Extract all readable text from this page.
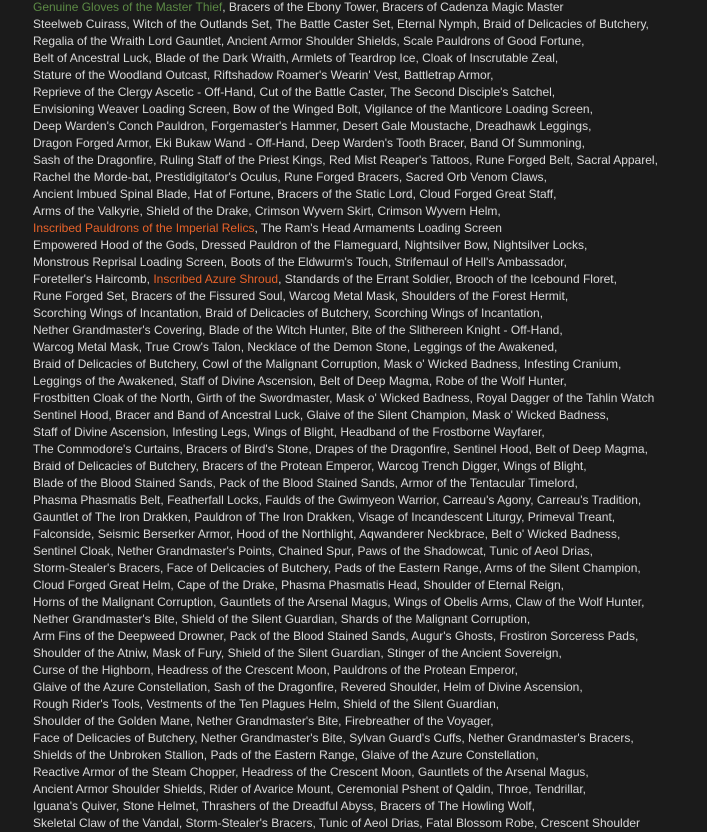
Genuine Gloves of the Master Thief, Bracers of the Ebony Tower, Bracers of Cadenza Magic Master
Steelweb Cuirass, Witch of the Outlands Set, The Battle Caster Set, Eternal Nymph, Braid of Delicacies of Butchery,
Regalia of the Wraith Lord Gauntlet, Ancient Armor Shoulder Shields, Scale Pauldrons of Good Fortune,
Belt of Ancestral Luck, Blade of the Dark Wraith, Armlets of Teardrop Ice, Cloak of Inscrutable Zeal,
Stature of the Woodland Outcast, Riftshadow Roamer's Wearin' Vest, Battletrap Armor,
Reprieve of the Clergy Ascetic - Off-Hand, Cut of the Battle Caster, The Second Disciple's Satchel,
Envisioning Weaver Loading Screen, Bow of the Winged Bolt, Vigilance of the Manticore Loading Screen,
Deep Warden's Conch Pauldron, Forgemaster's Hammer, Desert Gale Moustache, Dreadhawk Leggings,
Dragon Forged Armor, Eki Bukaw Wand - Off-Hand, Deep Warden's Tooth Bracer, Band Of Summoning,
Sash of the Dragonfire, Ruling Staff of the Priest Kings, Red Mist Reaper's Tattoos, Rune Forged Belt, Sacral Apparel,
Rachel the Morde-bat, Prestidigitator's Oculus, Rune Forged Bracers, Sacred Orb Venom Claws,
Ancient Imbued Spinal Blade, Hat of Fortune, Bracers of the Static Lord, Cloud Forged Great Staff,
Arms of the Valkyrie, Shield of the Drake, Crimson Wyvern Skirt, Crimson Wyvern Helm,
Inscribed Pauldrons of the Imperial Relics, The Ram's Head Armaments Loading Screen
Empowered Hood of the Gods, Dressed Pauldron of the Flameguard, Nightsilver Bow, Nightsilver Locks,
Monstrous Reprisal Loading Screen, Boots of the Eldwurm's Touch, Strifemaul of Hell's Ambassador,
Foreteller's Haircomb, Inscribed Azure Shroud, Standards of the Errant Soldier, Brooch of the Icebound Floret,
Rune Forged Set, Bracers of the Fissured Soul, Warcog Metal Mask, Shoulders of the Forest Hermit,
Scorching Wings of Incantation, Braid of Delicacies of Butchery, Scorching Wings of Incantation,
Nether Grandmaster's Covering, Blade of the Witch Hunter, Bite of the Slithereen Knight - Off-Hand,
Warcog Metal Mask, True Crow's Talon, Necklace of the Demon Stone, Leggings of the Awakened,
Braid of Delicacies of Butchery, Cowl of the Malignant Corruption, Mask o' Wicked Badness, Infesting Cranium,
Leggings of the Awakened, Staff of Divine Ascension, Belt of Deep Magma, Robe of the Wolf Hunter,
Frostbitten Cloak of the North, Girth of the Swordmaster, Mask o' Wicked Badness, Royal Dagger of the Tahlin Watch
Sentinel Hood, Bracer and Band of Ancestral Luck, Glaive of the Silent Champion, Mask o' Wicked Badness,
Staff of Divine Ascension, Infesting Legs, Wings of Blight, Headband of the Frostborne Wayfarer,
The Commodore's Curtains, Bracers of Bird's Stone, Drapes of the Dragonfire, Sentinel Hood, Belt of Deep Magma,
Braid of Delicacies of Butchery, Bracers of the Protean Emperor, Warcog Trench Digger, Wings of Blight,
Blade of the Blood Stained Sands, Pack of the Blood Stained Sands, Armor of the Tentacular Timelord,
Phasma Phasmatis Belt, Featherfall Locks, Faulds of the Gwimyeon Warrior, Carreau's Agony, Carreau's Tradition,
Gauntlet of The Iron Drakken, Pauldron of The Iron Drakken, Visage of Incandescent Liturgy, Primeval Treant,
Falconside, Seismic Berserker Armor, Hood of the Northlight, Aqwanderer Neckbrace, Belt o' Wicked Badness,
Sentinel Cloak, Nether Grandmaster's Points, Chained Spur, Paws of the Shadowcat, Tunic of Aeol Drias,
Storm-Stealer's Bracers, Face of Delicacies of Butchery, Pads of the Eastern Range, Arms of the Silent Champion,
Cloud Forged Great Helm, Cape of the Drake, Phasma Phasmatis Head, Shoulder of Eternal Reign,
Horns of the Malignant Corruption, Gauntlets of the Arsenal Magus, Wings of Obelis Arms, Claw of the Wolf Hunter,
Nether Grandmaster's Bite, Shield of the Silent Guardian, Shards of the Malignant Corruption,
Arm Fins of the Deepweed Drowner, Pack of the Blood Stained Sands, Augur's Ghosts, Frostiron Sorceress Pads,
Shoulder of the Atniw, Mask of Fury, Shield of the Silent Guardian, Stinger of the Ancient Sovereign,
Curse of the Highborn, Headress of the Crescent Moon, Pauldrons of the Protean Emperor,
Glaive of the Azure Constellation, Sash of the Dragonfire, Revered Shoulder, Helm of Divine Ascension,
Rough Rider's Tools, Vestments of the Ten Plagues Helm, Shield of the Silent Guardian,
Shoulder of the Golden Mane, Nether Grandmaster's Bite, Firebreather of the Voyager,
Face of Delicacies of Butchery, Nether Grandmaster's Bite, Sylvan Guard's Cuffs, Nether Grandmaster's Bracers,
Shields of the Unbroken Stallion, Pads of the Eastern Range, Glaive of the Azure Constellation,
Reactive Armor of the Steam Chopper, Headress of the Crescent Moon, Gauntlets of the Arsenal Magus,
Ancient Armor Shoulder Shields, Rider of Avarice Mount, Ceremonial Pshent of Qaldin, Throe, Tendrillar,
Iguana's Quiver, Stone Helmet, Thrashers of the Dreadful Abyss, Bracers of The Howling Wolf,
Skeletal Claw of the Vandal, Storm-Stealer's Bracers, Tunic of Aeol Drias, Fatal Blossom Robe, Crescent Shoulder
